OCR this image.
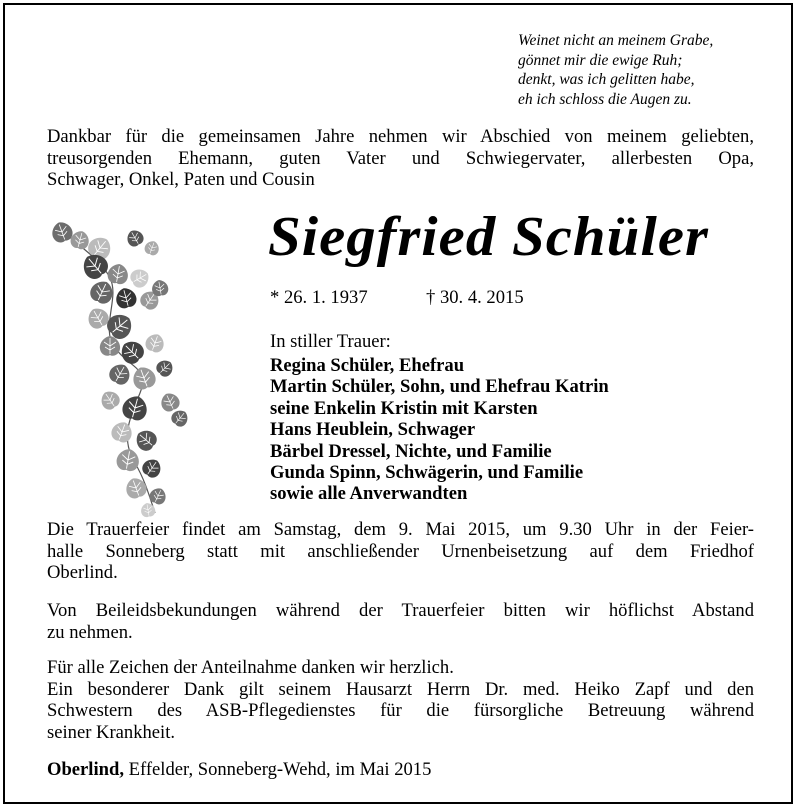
Weinet nicht an meinem Grabe,
gönnet mir die ewige Ruh;
denkt, was ich gelitten habe,
eh ich schloss die Augen zu.
Dankbar für die gemeinsamen Jahre nehmen wir Abschied von meinem geliebten,
treusorgenden Ehemann, guten Vater und Schwiegervater, allerbesten Opa,
Schwager, Onkel, Paten und Cousin
Siegfried Schüler
* 26. 1. 1937	† 30. 4. 2015
In stiller Trauer:
Regina Schüler, Ehefrau
Martin Schüler, Sohn, und Ehefrau Katrin
seine Enkelin Kristin mit Karsten
Hans Heublein, Schwager
Bärbel Dressel, Nichte, und Familie
Gunda Spinn, Schwägerin, und Familie
sowie alle Anverwandten
Die Trauerfeier findet am Samstag, dem 9. Mai 2015, um 9.30 Uhr in der Feier-
halle Sonneberg statt mit anschließender Urnenbeisetzung auf dem Friedhof
Oberlind.
Von Beileidsbekundungen während der Trauerfeier bitten wir höflichst Abstand
zu nehmen.
Für alle Zeichen der Anteilnahme danken wir herzlich.
Ein besonderer Dank gilt seinem Hausarzt Herrn Dr. med. Heiko Zapf und den
Schwestern des ASB-Pflegedienstes für die fürsorgliche Betreuung während
seiner Krankheit.
Oberlind, Effelder, Sonneberg-Wehd, im Mai 2015
